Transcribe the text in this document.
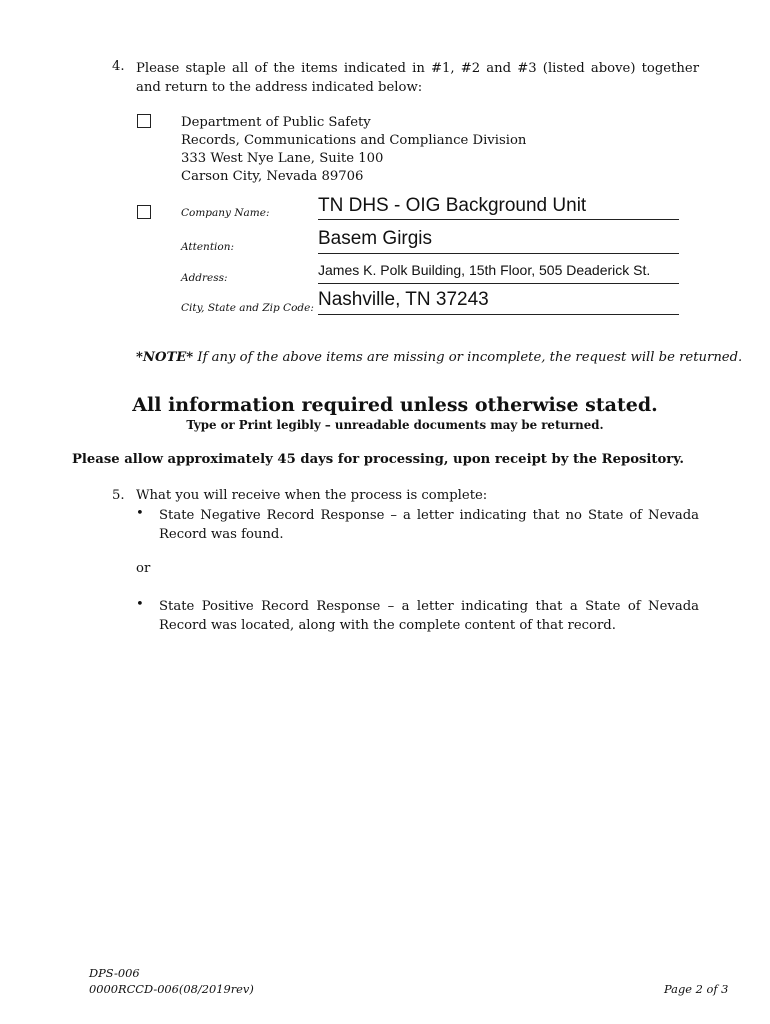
4. Please staple all of the items indicated in #1, #2 and #3 (listed above) together and return to the address indicated below:
Department of Public Safety
Records, Communications and Compliance Division
333 West Nye Lane, Suite 100
Carson City, Nevada 89706
Company Name:	TN DHS - OIG Background Unit
Attention:	Basem Girgis
Address:	James K. Polk Building, 15th Floor, 505 Deaderick St.
City, State and Zip Code: Nashville, TN 37243
*NOTE* If any of the above items are missing or incomplete, the request will be returned.
All information required unless otherwise stated.
Type or Print legibly – unreadable documents may be returned.
Please allow approximately 45 days for processing, upon receipt by the Repository.
5. What you will receive when the process is complete:
• State Negative Record Response – a letter indicating that no State of Nevada Record was found.
or
• State Positive Record Response – a letter indicating that a State of Nevada Record was located, along with the complete content of that record.
DPS-006
0000RCCD-006(08/2019rev)	Page 2 of 3
